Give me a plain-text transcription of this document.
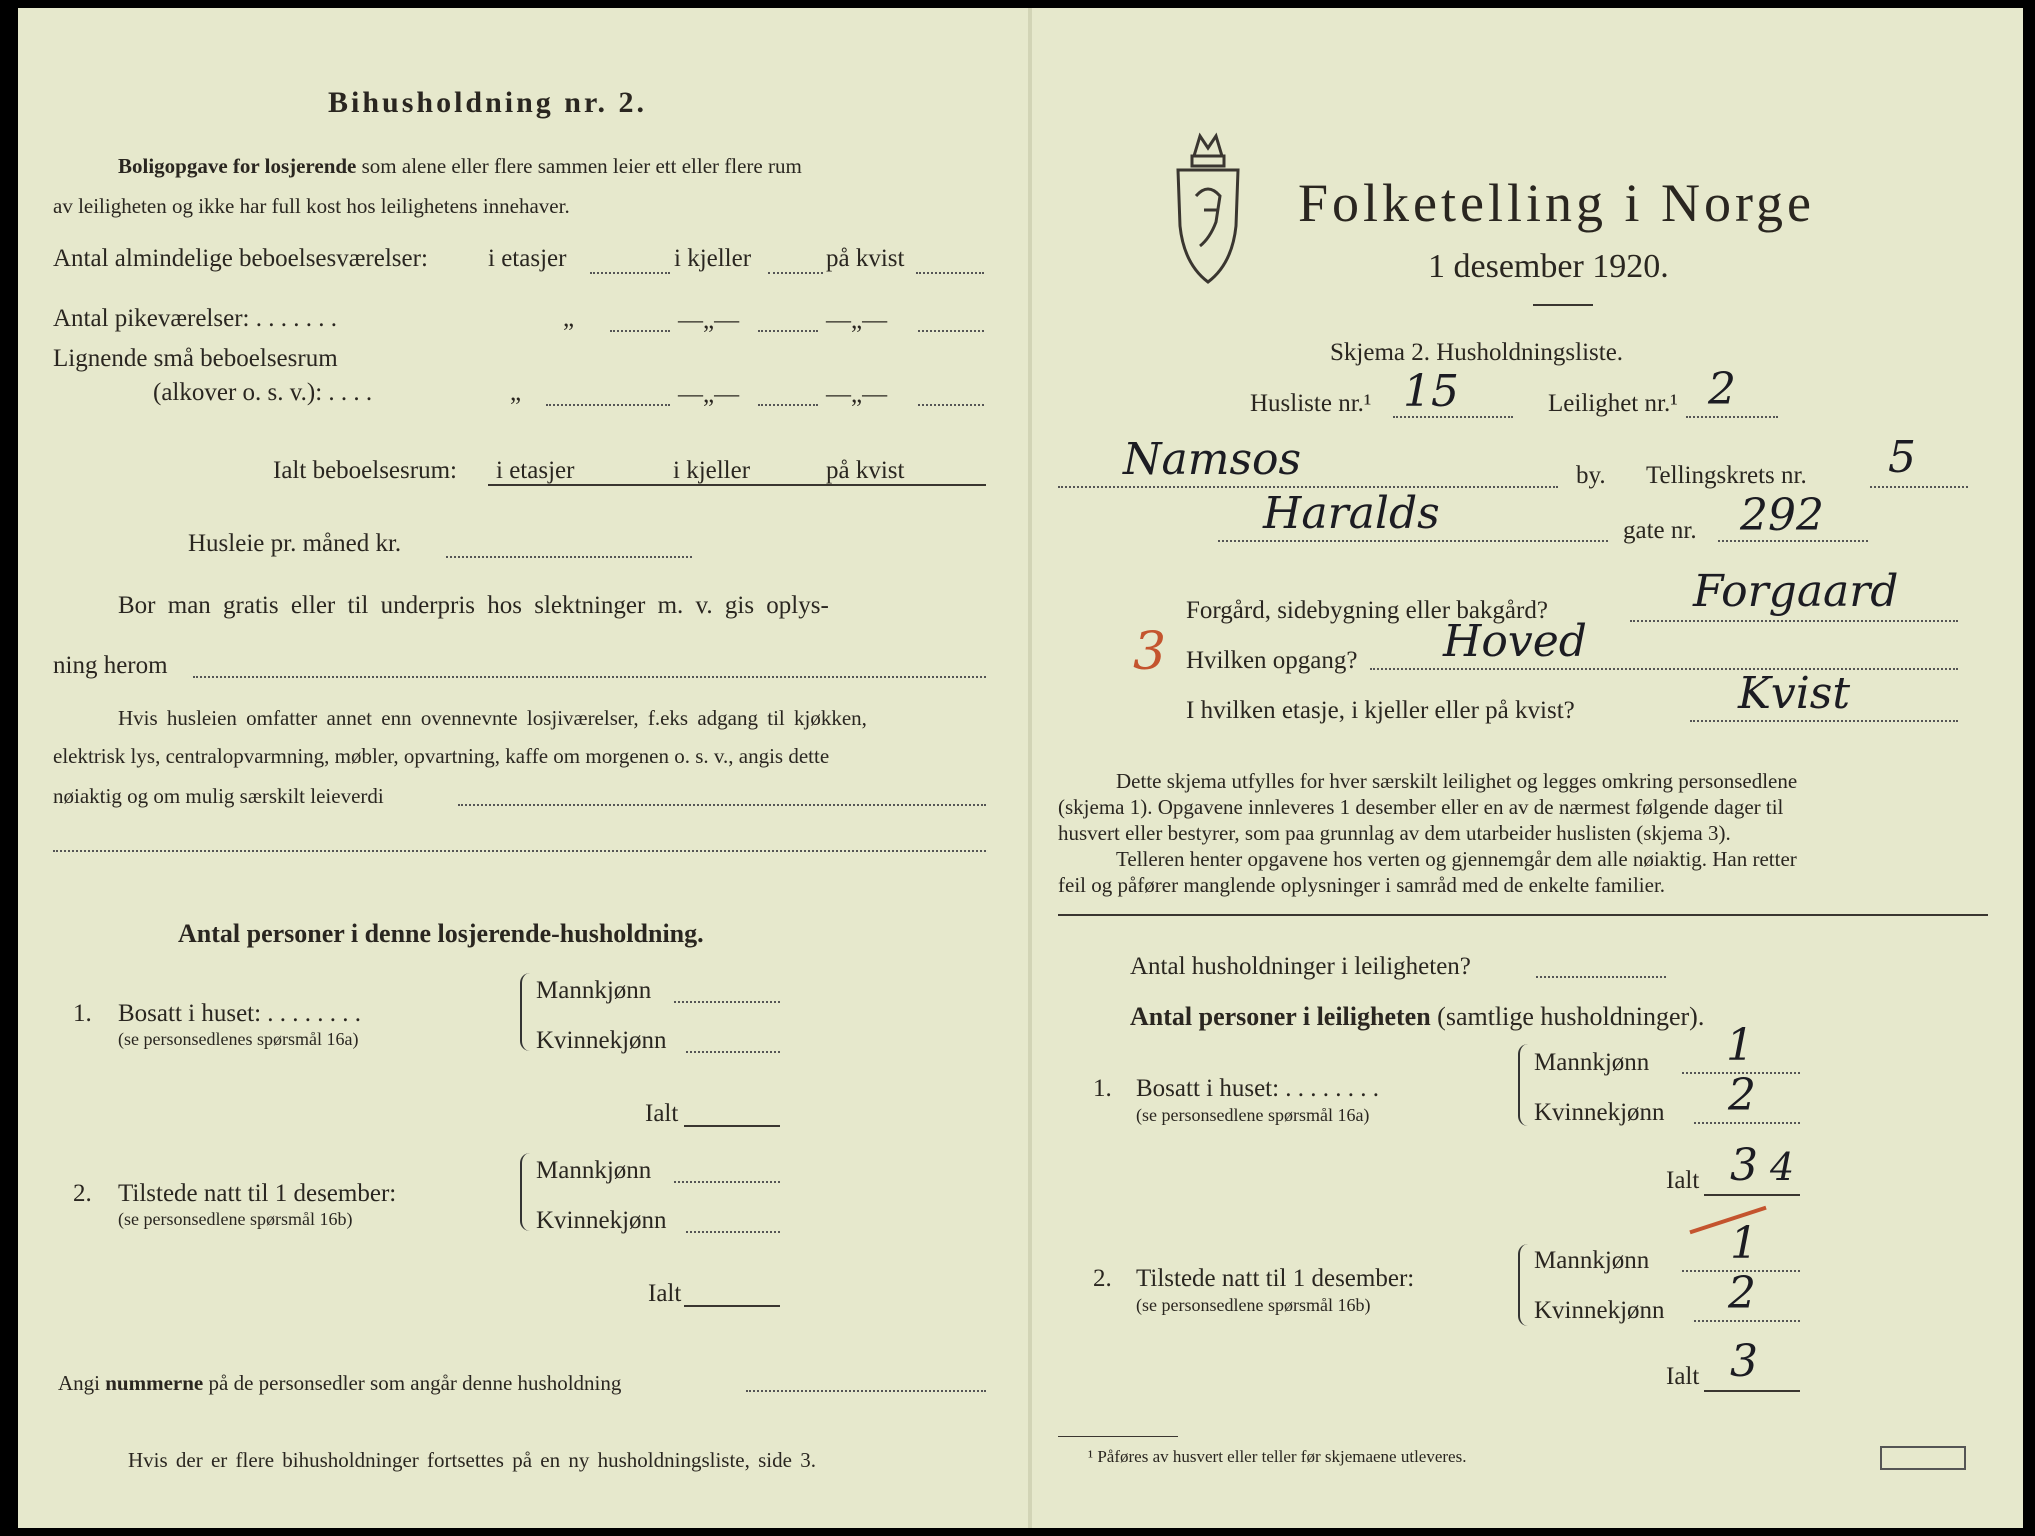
Bihusholdning nr. 2.
Boligopgave for losjerende som alene eller flere sammen leier ett eller flere rum
av leiligheten og ikke har full kost hos leilighetens innehaver.
Antal almindelige beboelsesværelser: i etasjer	i kjeller	på kvist
Antal pikeværelser: . . . . . . .	„	—„—	—„—
Lignende små beboelsesrum
(alkover o. s. v.): . . . .	„	—„—	—„—
Ialt beboelsesrum: i etasjer	i kjeller	på kvist
Husleie pr. måned kr.
Bor man gratis eller til underpris hos slektninger m. v. gis oplys-
ning herom
Hvis husleien omfatter annet enn ovennevnte losjiværelser, f.eks adgang til kjøkken,
elektrisk lys, centralopvarmning, møbler, opvartning, kaffe om morgenen o. s. v., angis dette
nøiaktig og om mulig særskilt leieverdi
Antal personer i denne losjerende-husholdning.
1. Bosatt i huset: . . . . . . . .
(se personsedlenes spørsmål 16a)
Mannkjønn
Kvinnekjønn
Ialt
2. Tilstede natt til 1 desember:
(se personsedlene spørsmål 16b)
Mannkjønn
Kvinnekjønn
Ialt
Angi nummerne på de personsedler som angår denne husholdning
Hvis der er flere bihusholdninger fortsettes på en ny husholdningsliste, side 3.
Folketelling i Norge
1 desember 1920.
Skjema 2. Husholdningsliste.
Husliste nr.¹ 15	Leilighet nr.¹ 2
Namsos	by. Tellingskrets nr. 5
Haralds	gate nr. 292
Forgård, sidebygning eller bakgård?	Forgaard
3 Hvilken opgang? Hoved
I hvilken etasje, i kjeller eller på kvist?	Kvist
Dette skjema utfylles for hver særskilt leilighet og legges omkring personsedlene
(skjema 1). Opgavene innleveres 1 desember eller en av de nærmest følgende dager til
husvert eller bestyrer, som paa grunnlag av dem utarbeider huslisten (skjema 3).
Telleren henter opgavene hos verten og gjennemgår dem alle nøiaktig. Han retter
feil og påfører manglende oplysninger i samråd med de enkelte familier.
Antal husholdninger i leiligheten?
Antal personer i leiligheten (samtlige husholdninger).
1. Bosatt i huset: . . . . . . . .
(se personsedlene spørsmål 16a)
Mannkjønn 1
Kvinnekjønn 2
Ialt 3 4
2. Tilstede natt til 1 desember:
(se personsedlene spørsmål 16b)
Mannkjønn 1
Kvinnekjønn 2
Ialt 3
¹ Påføres av husvert eller teller før skjemaene utleveres.
